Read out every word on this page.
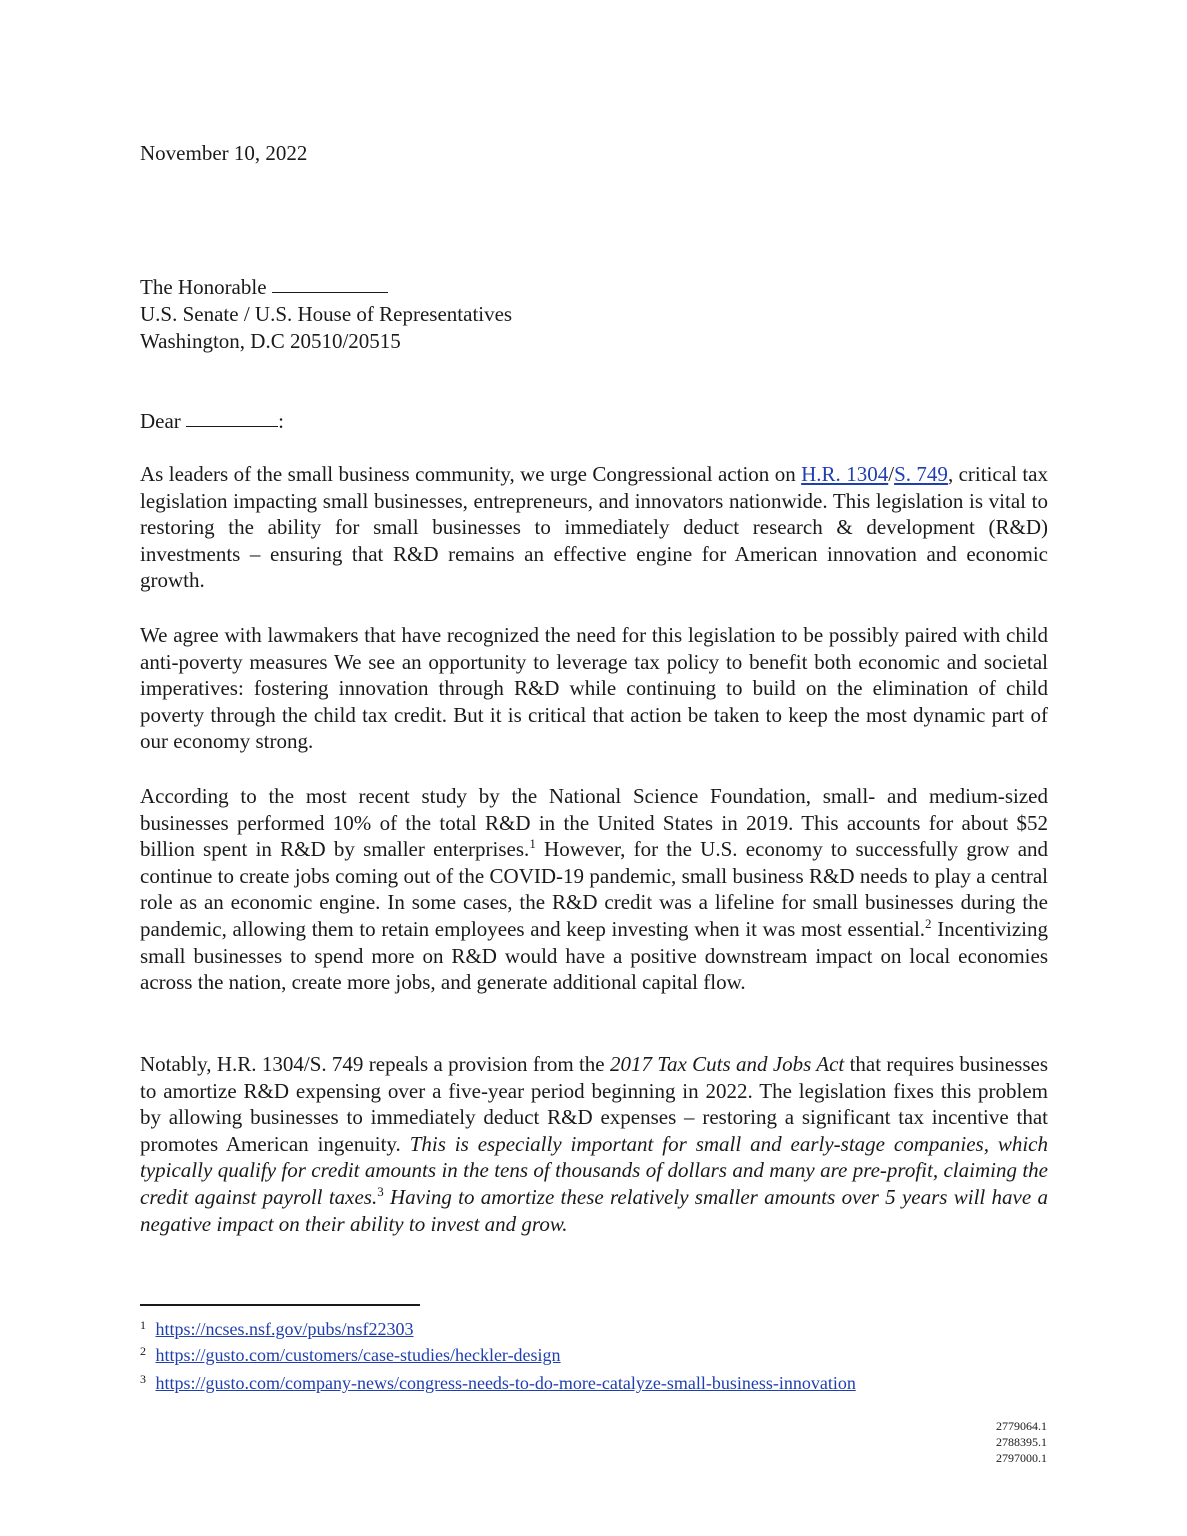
November 10, 2022
The Honorable
U.S. Senate / U.S. House of Representatives
Washington, D.C 20510/20515
Dear	:

As leaders of the small business community, we urge Congressional action on H.R. 1304/S. 749, critical tax legislation impacting small businesses, entrepreneurs, and innovators nationwide. This legislation is vital to restoring the ability for small businesses to immediately deduct research & development (R&D) investments – ensuring that R&D remains an effective engine for American innovation and economic growth.

We agree with lawmakers that have recognized the need for this legislation to be possibly paired with child anti-poverty measures We see an opportunity to leverage tax policy to benefit both economic and societal imperatives: fostering innovation through R&D while continuing to build on the elimination of child poverty through the child tax credit. But it is critical that action be taken to keep the most dynamic part of our economy strong.

According to the most recent study by the National Science Foundation, small- and medium-sized businesses performed 10% of the total R&D in the United States in 2019. This accounts for about $52 billion spent in R&D by smaller enterprises.$^1$ However, for the U.S. economy to successfully grow and continue to create jobs coming out of the COVID-19 pandemic, small business R&D needs to play a central role as an economic engine. In some cases, the R&D credit was a lifeline for small businesses during the pandemic, allowing them to retain employees and keep investing when it was most essential.$^2$ Incentivizing small businesses to spend more on R&D would have a positive downstream impact on local economies across the nation, create more jobs, and generate additional capital flow.

Notably, H.R. 1304/S. 749 repeals a provision from the 2017 Tax Cuts and Jobs Act that requires businesses to amortize R&D expensing over a five-year period beginning in 2022. The legislation fixes this problem by allowing businesses to immediately deduct R&D expenses – restoring a significant tax incentive that promotes American ingenuity. This is especially important for small and early-stage companies, which typically qualify for credit amounts in the tens of thousands of dollars and many are pre-profit, claiming the credit against payroll taxes.$^3$ Having to amortize these relatively smaller amounts over 5 years will have a negative impact on their ability to invest and grow.

1 https://ncses.nsf.gov/pubs/nsf22303
2 https://gusto.com/customers/case-studies/heckler-design
3 https://gusto.com/company-news/congress-needs-to-do-more-catalyze-small-business-innovation
2779064.1
2788395.1
2797000.1
